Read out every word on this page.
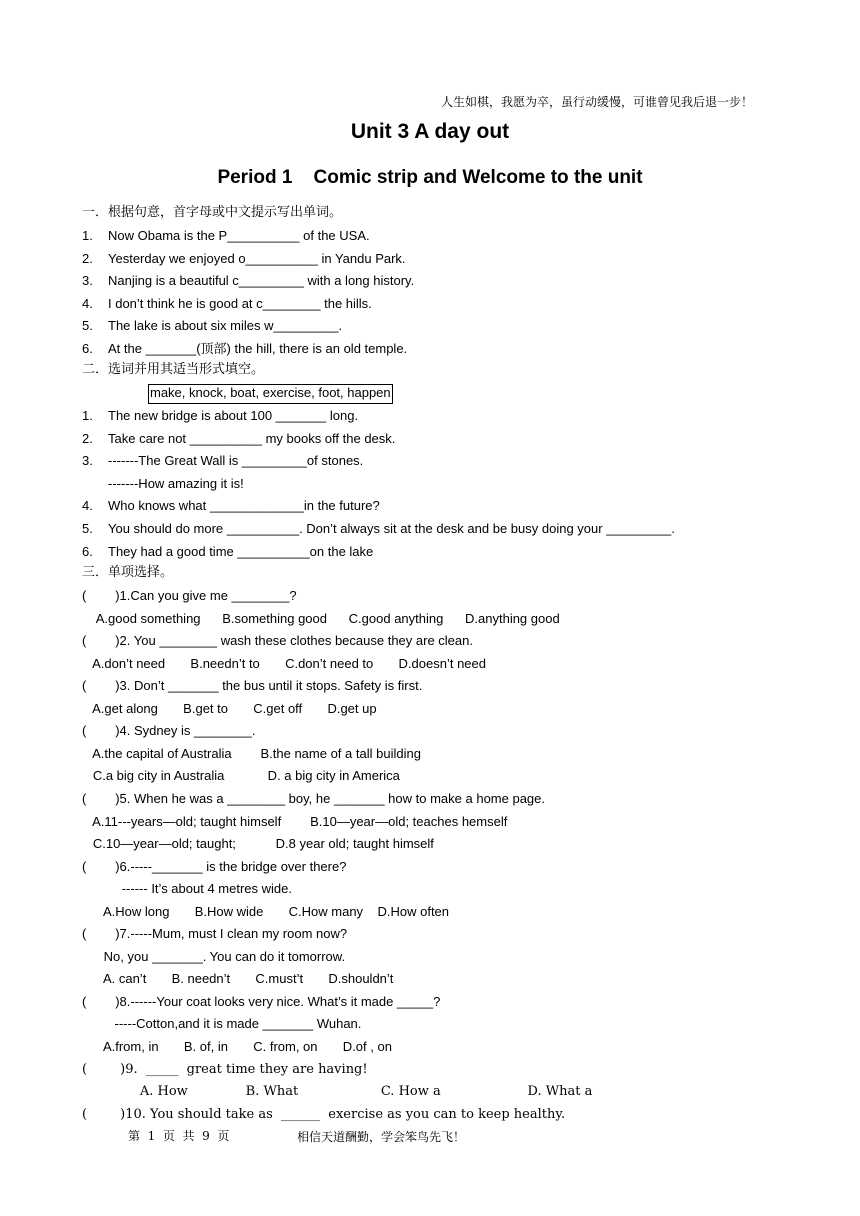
人生如棋，我愿为卒，虽行动缓慢，可谁曾见我后退一步！
Unit 3 A day out
Period 1    Comic strip and Welcome to the unit
一．根据句意，首字母或中文提示写出单词。
1. Now Obama is the P__________ of the USA.
2. Yesterday we enjoyed o__________ in Yandu Park.
3. Nanjing is a beautiful c_________ with a long history.
4. I don’t think he is good at c________ the hills.
5. The lake is about six miles w_________.
6. At the _______(顶部) the hill, there is an old temple.
二．选词并用其适当形式填空。
make, knock, boat, exercise, foot, happen
1. The new bridge is about 100 _______ long.
2. Take care not __________ my books off the desk.
3. -------The Great Wall is _________of stones.
-------How amazing it is!
4. Who knows what _____________in the future?
5. You should do more __________. Don’t always sit at the desk and be busy doing your _________.
6. They had a good time __________on the lake
三．单项选择。
(        )1.Can you give me ________?
A.good something      B.something good      C.good anything      D.anything good
(        )2. You ________ wash these clothes because they are clean.
A.don’t need       B.needn’t to       C.don’t need to       D.doesn’t need
(        )3. Don’t _______ the bus until it stops. Safety is first.
A.get along       B.get to       C.get off       D.get up
(        )4. Sydney is ________.
A.the capital of Australia        B.the name of a tall building
C.a big city in Australia            D. a big city in America
(        )5. When he was a ________ boy, he _______ how to make a home page.
A.11---years—old; taught himself        B.10—year—old; teaches hemself
C.10—year—old; taught;           D.8 year old; taught himself
(        )6.-----_______ is the bridge over there?
------ It’s about 4 metres wide.
A.How long       B.How wide       C.How many    D.How often
(        )7.-----Mum, must I clean my room now?
No, you _______. You can do it tomorrow.
A. can’t       B. needn’t       C.must’t       D.shouldn’t
(        )8.------Your coat looks very nice. What’s it made _____?
-----Cotton,and it is made _______ Wuhan.
A.from, in       B. of, in       C. from, on       D.of , on
(        )9.  _____  great time they are having!
A. How              B. What                    C. How a                     D. What a
(        )10. You should take as  ______  exercise as you can to keep healthy.
第  1  页  共  9  页	相信天道酬勤，学会笨鸟先飞！
